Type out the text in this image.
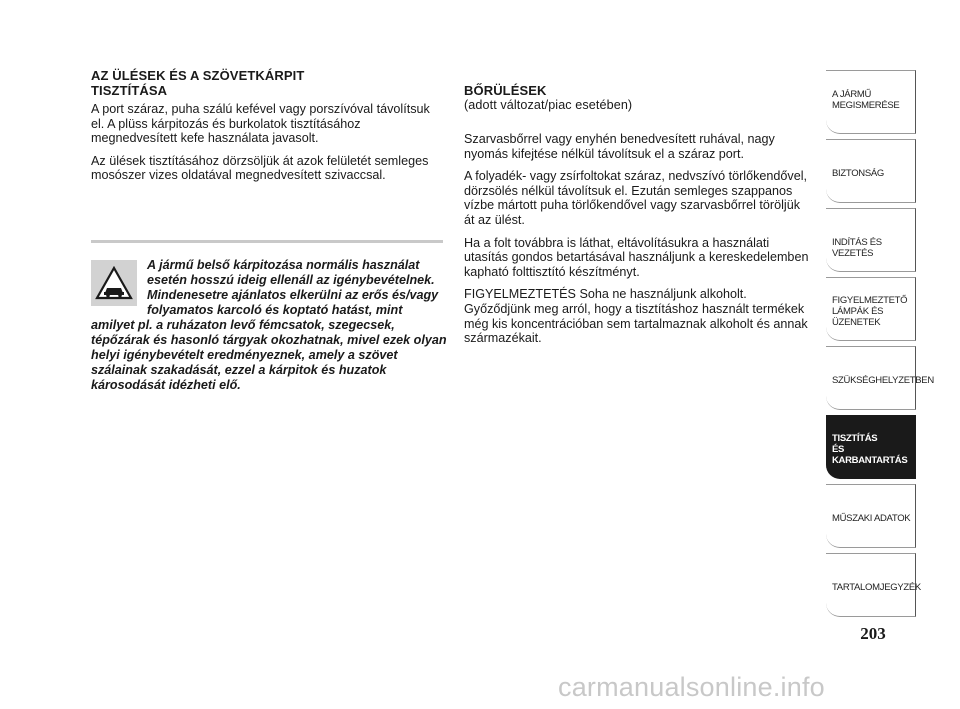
AZ ÜLÉSEK ÉS A SZÖVETKÁRPIT
TISZTÍTÁSA

A port száraz, puha szálú kefével vagy porszívóval távolítsuk el. A plüss kárpitozás és burkolatok tisztításához megnedvesített kefe használata javasolt.

Az ülések tisztításához dörzsöljük át azok felületét semleges mosószer vizes oldatával megnedvesített szivaccsal.

A jármű belső kárpitozása normális használat esetén hosszú ideig ellenáll az igénybevételnek. Mindenesetre ajánlatos elkerülni az erős és/vagy folyamatos karcoló és koptató hatást, mint amilyet pl. a ruházaton levő fémcsatok, szegecsek, tépőzárak és hasonló tárgyak okozhatnak, mivel ezek olyan helyi igénybevételt eredményeznek, amely a szövet szálainak szakadását, ezzel a kárpitok és huzatok károsodását idézheti elő.

BŐRÜLÉSEK

(adott változat/piac esetében)

Szarvasbőrrel vagy enyhén benedvesített ruhával, nagy nyomás kifejtése nélkül távolítsuk el a száraz port.

A folyadék- vagy zsírfoltokat száraz, nedvszívó törlőkendővel, dörzsölés nélkül távolítsuk el. Ezután semleges szappanos vízbe mártott puha törlőkendővel vagy szarvasbőrrel töröljük át az ülést.

Ha a folt továbbra is láthat, eltávolításukra a használati utasítás gondos betartásával használjunk a kereskedelemben kapható folttisztító készítményt.

FIGYELMEZTETÉS Soha ne használjunk alkoholt. Győződjünk meg arról, hogy a tisztításhoz használt termékek még kis koncentrációban sem tartalmaznak alkoholt és annak származékait.

A JÁRMŰ
MEGISMERÉSE
BIZTONSÁG
INDÍTÁS ÉS VEZETÉS
FIGYELMEZTETŐ
LÁMPÁK ÉS ÜZENETEK
SZÜKSÉGHELYZETBEN
TISZTÍTÁS
ÉS KARBANTARTÁS
MŰSZAKI ADATOK
TARTALOMJEGYZÉK
203
carmanualsonline.info
